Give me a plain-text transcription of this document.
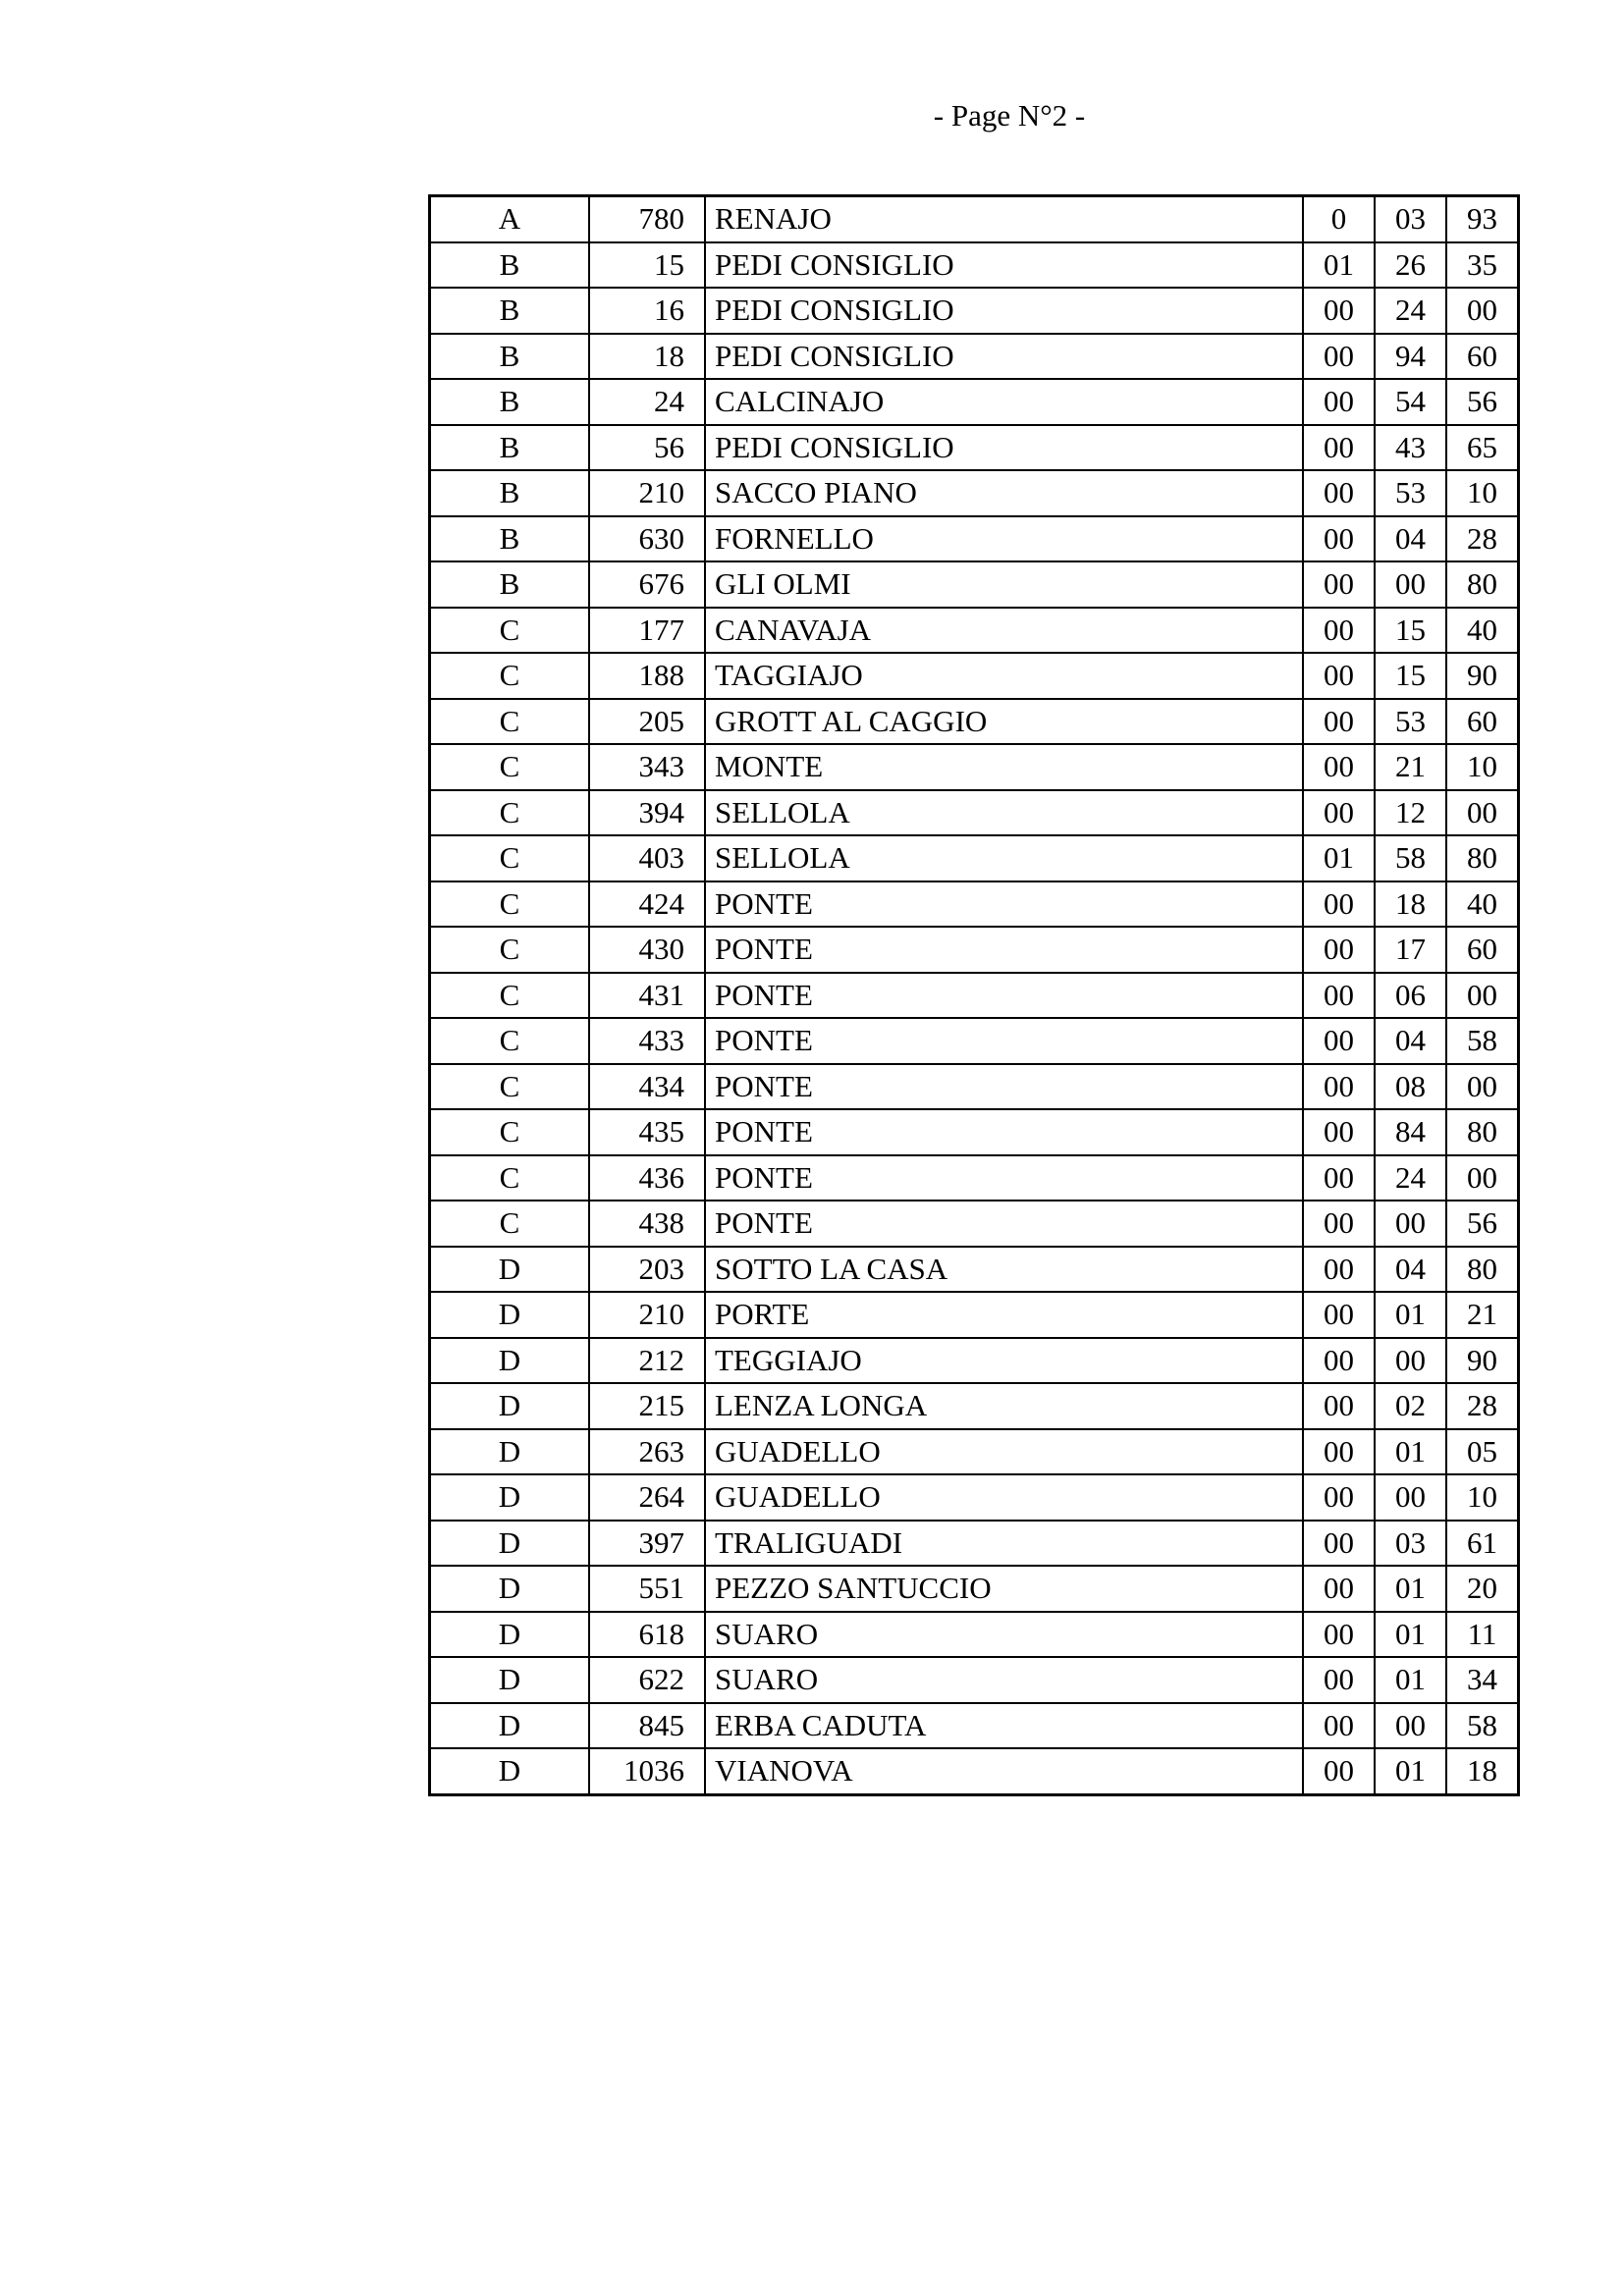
- Page N°2 -
A	780	RENAJO	0	03	93
B	15	PEDI CONSIGLIO	01	26	35
B	16	PEDI CONSIGLIO	00	24	00
B	18	PEDI CONSIGLIO	00	94	60
B	24	CALCINAJO	00	54	56
B	56	PEDI CONSIGLIO	00	43	65
B	210	SACCO PIANO	00	53	10
B	630	FORNELLO	00	04	28
B	676	GLI OLMI	00	00	80
C	177	CANAVAJA	00	15	40
C	188	TAGGIAJO	00	15	90
C	205	GROTT AL CAGGIO	00	53	60
C	343	MONTE	00	21	10
C	394	SELLOLA	00	12	00
C	403	SELLOLA	01	58	80
C	424	PONTE	00	18	40
C	430	PONTE	00	17	60
C	431	PONTE	00	06	00
C	433	PONTE	00	04	58
C	434	PONTE	00	08	00
C	435	PONTE	00	84	80
C	436	PONTE	00	24	00
C	438	PONTE	00	00	56
D	203	SOTTO LA CASA	00	04	80
D	210	PORTE	00	01	21
D	212	TEGGIAJO	00	00	90
D	215	LENZA LONGA	00	02	28
D	263	GUADELLO	00	01	05
D	264	GUADELLO	00	00	10
D	397	TRALIGUADI	00	03	61
D	551	PEZZO SANTUCCIO	00	01	20
D	618	SUARO	00	01	11
D	622	SUARO	00	01	34
D	845	ERBA CADUTA	00	00	58
D	1036	VIANOVA	00	01	18
